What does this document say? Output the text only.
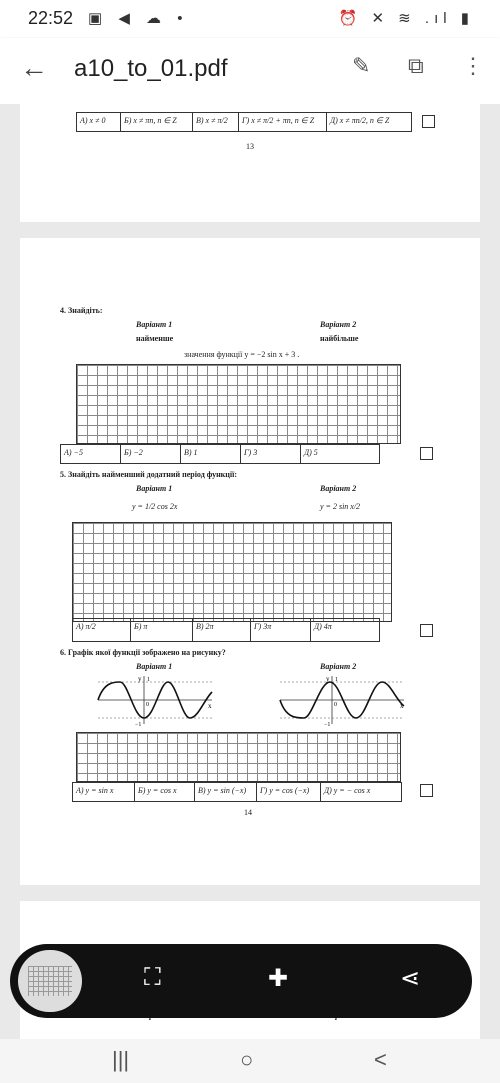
22:52 ▣ ◀ ☁ •	⏰ ✕ ≋ .ıl ▮
← a10_to_01.pdf	✎ ⧉ ⋮
А) x ≠ 0	Б) x ≠ πn, n ∈ Z	В) x ≠ π/2	Г) x ≠ π/2 + πn, n ∈ Z	Д) x ≠ πn/2, n ∈ Z
13
4. Знайдіть:
Варіант 1
найменше
Варіант 2
найбільше
значення функції y = −2 sin x + 3 .
А) −5	Б) −2	В) 1	Г) 3	Д) 5
5. Знайдіть найменший додатний період функції:
Варіант 1
y = 1/2 cos 2x
Варіант 2
y = 2 sin x/2
А) π/2	Б) π	В) 2π	Г) 3π	Д) 4π
6. Графік якої функції зображено на рисунку?
Варіант 1	Варіант 2
y
x
1
0
−1
y
x
1
0
−1
А) y = sin x	Б) y = cos x	В) y = sin (−x)	Г) y = cos (−x)	Д) y = − cos x
14
⛶	✚	⋖
|||	○	<
